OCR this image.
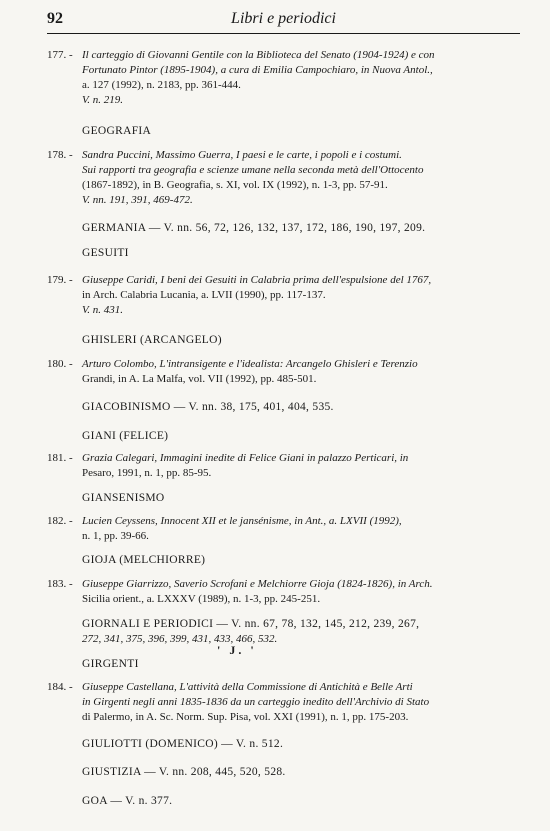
92	Libri e periodici
177. - Il carteggio di Giovanni Gentile con la Biblioteca del Senato (1904-1924) e con
Fortunato Pintor (1895-1904), a cura di Emilia Campochiaro, in Nuova Antol.,
a. 127 (1992), n. 2183, pp. 361-444.
V. n. 219.
GEOGRAFIA
178. - Sandra Puccini, Massimo Guerra, I paesi e le carte, i popoli e i costumi.
Sui rapporti tra geografia e scienze umane nella seconda metà dell'Ottocento
(1867-1892), in B. Geografia, s. XI, vol. IX (1992), n. 1-3, pp. 57-91.
V. nn. 191, 391, 469-472.
GERMANIA — V. nn. 56, 72, 126, 132, 137, 172, 186, 190, 197, 209.
GESUITI
179. - Giuseppe Caridi, I beni dei Gesuiti in Calabria prima dell'espulsione del 1767,
in Arch. Calabria Lucania, a. LVII (1990), pp. 117-137.
V. n. 431.
GHISLERI (ARCANGELO)
180. - Arturo Colombo, L'intransigente e l'idealista: Arcangelo Ghisleri e Terenzio
Grandi, in A. La Malfa, vol. VII (1992), pp. 485-501.
GIACOBINISMO — V. nn. 38, 175, 401, 404, 535.
GIANI (FELICE)
181. - Grazia Calegari, Immagini inedite di Felice Giani in palazzo Perticari, in
Pesaro, 1991, n. 1, pp. 85-95.
GIANSENISMO
182. - Lucien Ceyssens, Innocent XII et le jansénisme, in Ant., a. LXVII (1992),
n. 1, pp. 39-66.
GIOJA (MELCHIORRE)
183. - Giuseppe Giarrizzo, Saverio Scrofani e Melchiorre Gioja (1824-1826), in Arch.
Sicilia orient., a. LXXXV (1989), n. 1-3, pp. 245-251.
GIORNALI E PERIODICI — V. nn. 67, 78, 132, 145, 212, 239, 267,
272, 341, 375, 396, 399, 431, 433, 466, 532.
' J. '
GIRGENTI
184. - Giuseppe Castellana, L'attività della Commissione di Antichità e Belle Arti
in Girgenti negli anni 1835-1836 da un carteggio inedito dell'Archivio di Stato
di Palermo, in A. Sc. Norm. Sup. Pisa, vol. XXI (1991), n. 1, pp. 175-203.
GIULIOTTI (DOMENICO) — V. n. 512.
GIUSTIZIA — V. nn. 208, 445, 520, 528.
GOA — V. n. 377.
